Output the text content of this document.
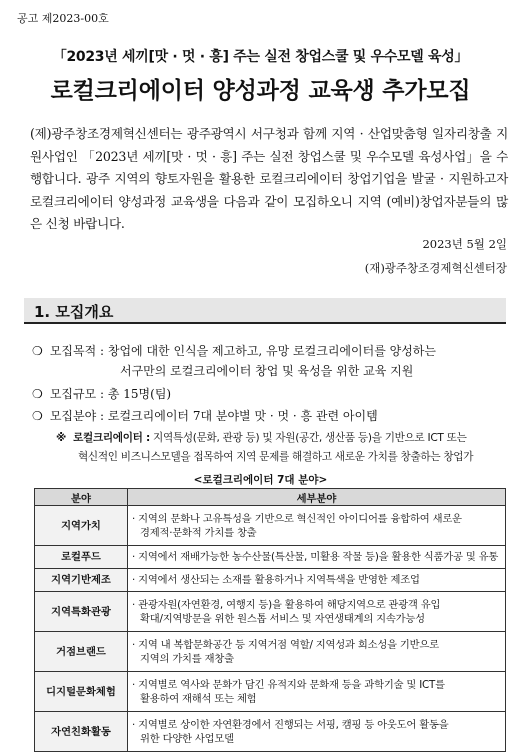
공고 제2023-00호
「2023년 세끼[맛 · 멋 · 흥] 주는 실전 창업스쿨 및 우수모델 육성」
로컬크리에이터 양성과정 교육생 추가모집
(제)광주창조경제혁신센터는 광주광역시 서구청과 함께 지역 · 산업맞춤형 일자리창출 지원사업인 「2023년 세끼[맛 · 멋 · 흥] 주는 실전 창업스쿨 및 우수모델 육성사업」을 수행합니다. 광주 지역의 향토자원을 활용한 로컬크리에이터 창업기업을 발굴 · 지원하고자 로컬크리에이터 양성과정 교육생을 다음과 같이 모집하오니 지역 (예비)창업자분들의 많은 신청 바랍니다.
2023년 5월 2일
(재)광주창조경제혁신센터장
1. 모집개요
❍ 모집목적 : 창업에 대한 인식을 제고하고, 유망 로컬크리에이터를 양성하는
서구만의 로컬크리에이터 창업 및 육성을 위한 교육 지원
❍ 모집규모 : 총 15명(팀)
❍ 모집분야 : 로컬크리에이터 7대 분야별 맛 · 멋 · 흥 관련 아이템
※ 로컬크리에이터 : 지역특성(문화, 관광 등) 및 자원(공간, 생산품 등)을 기반으로 ICT 또는
혁신적인 비즈니스모델을 접목하여 지역 문제를 해결하고 새로운 가치를 창출하는 창업가
<로컬크리에이터 7대 분야>
분야	세부분야
지역가치	· 지역의 문화나 고유특성을 기반으로 혁신적인 아이디어를 융합하여 새로운
경제적·문화적 가치를 창출

로컬푸드	· 지역에서 재배가능한 농수산물(특산물, 미활용 작물 등)을 활용한 식품가공 및 유통

지역기반제조	· 지역에서 생산되는 소재를 활용하거나 지역특색을 반영한 제조업

지역특화관광	· 관광자원(자연환경, 여행지 등)을 활용하여 해당지역으로 관광객 유입
확대/지역방문을 위한 원스톱 서비스 및 자연생태계의 지속가능성

거점브랜드	· 지역 내 복합문화공간 등 지역거점 역할/ 지역성과 희소성을 기반으로
지역의 가치를 재창출

디지털문화체험	· 지역별로 역사와 문화가 담긴 유적지와 문화재 등을 과학기술 및 ICT를
활용하여 재해석 또는 체험

자연친화활동	· 지역별로 상이한 자연환경에서 진행되는 서핑, 캠핑 등 아웃도어 활동을
위한 다양한 사업모델
